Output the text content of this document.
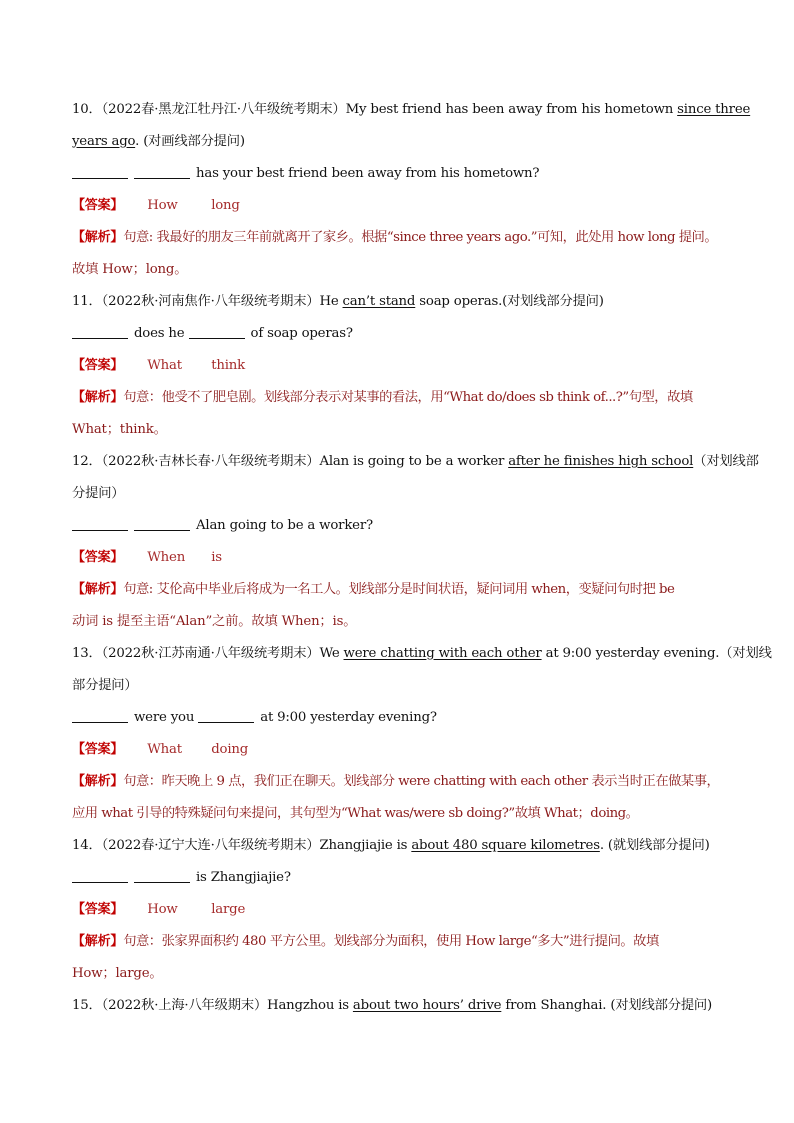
10．（2022春·黑龙江牡丹江·八年级统考期末）My best friend has been away from his hometown since three
years ago. (对画线部分提问)
has your best friend been away from his hometown?
【答案】 How	long
【解析】句意: 我最好的朋友三年前就离开了家乡。根据“since three years ago.”可知，此处用 how long 提问。
故填 How；long。
11．（2022秋·河南焦作·八年级统考期末）He can’t stand soap operas.(对划线部分提问)
does he	of soap operas?
【答案】 What think
【解析】句意：他受不了肥皂剧。划线部分表示对某事的看法，用“What do/does sb think of...?”句型，故填
What；think。
12．（2022秋·吉林长春·八年级统考期末）Alan is going to be a worker after he finishes high school（对划线部
分提问）
Alan going to be a worker?
【答案】 When is
【解析】句意: 艾伦高中毕业后将成为一名工人。划线部分是时间状语，疑问词用 when，变疑问句时把 be
动词 is 提至主语“Alan”之前。故填 When；is。
13．（2022秋·江苏南通·八年级统考期末）We were chatting with each other at 9:00 yesterday evening.（对划线
部分提问）
were you	at 9:00 yesterday evening?
【答案】 What doing
【解析】句意：昨天晚上 9 点，我们正在聊天。划线部分 were chatting with each other 表示当时正在做某事，
应用 what 引导的特殊疑问句来提问，其句型为“What was/were sb doing?”故填 What；doing。
14．（2022春·辽宁大连·八年级统考期末）Zhangjiajie is about 480 square kilometres. (就划线部分提问)
is Zhangjiajie?
【答案】 How	large
【解析】句意：张家界面积约 480 平方公里。划线部分为面积，使用 How large“多大”进行提问。故填
How；large。
15．（2022秋·上海·八年级期末）Hangzhou is about two hours’ drive from Shanghai. (对划线部分提问)
